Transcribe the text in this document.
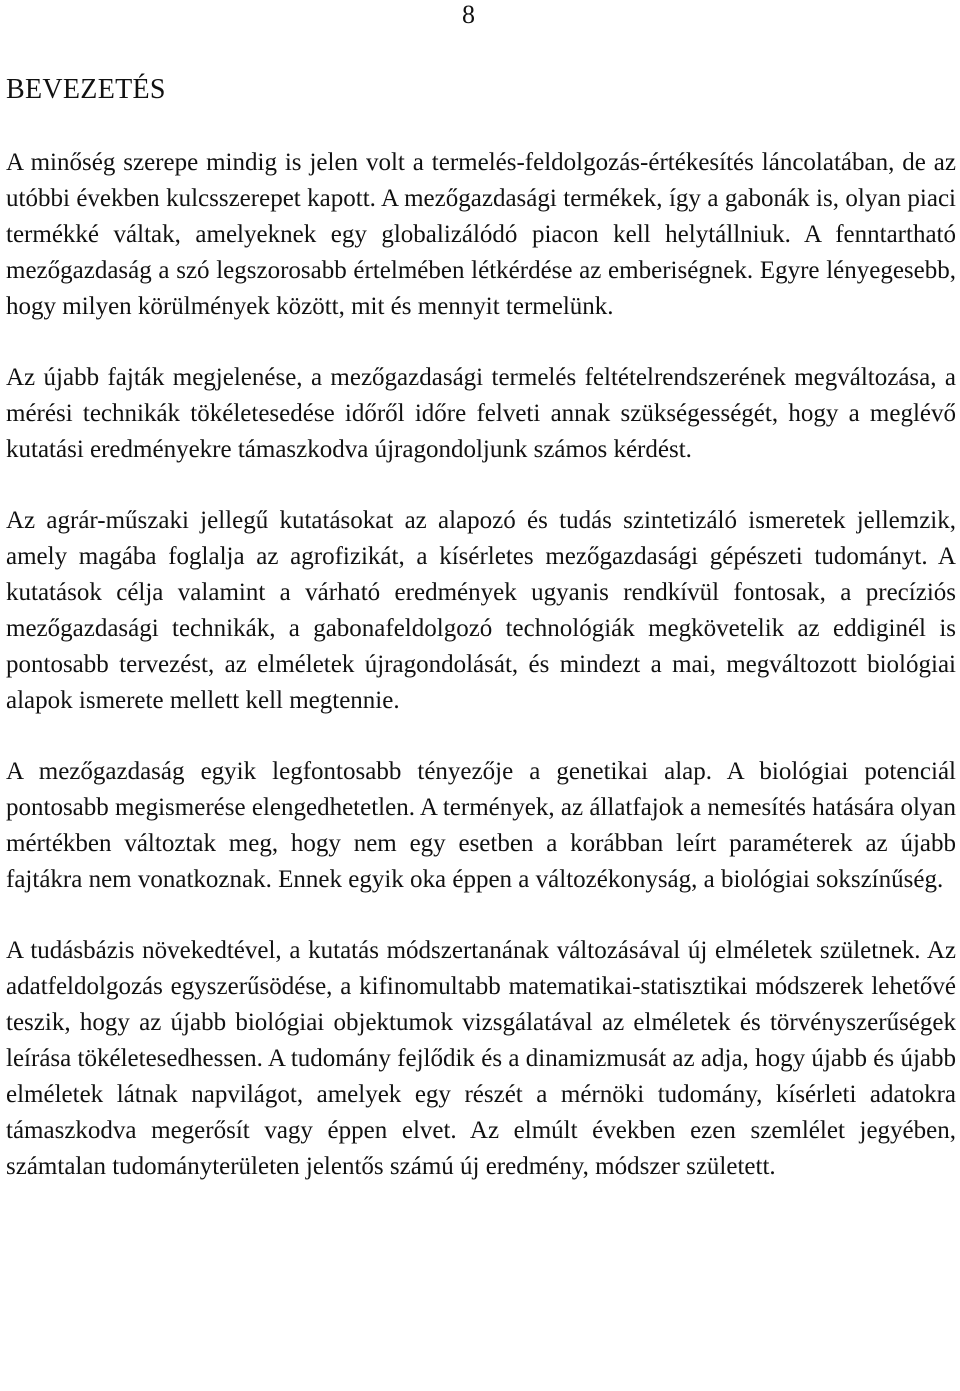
8
BEVEZETÉS

A minőség szerepe mindig is jelen volt a termelés-feldolgozás-értékesítés láncolatában, de az utóbbi években kulcsszerepet kapott. A mezőgazdasági termékek, így a gabonák is, olyan piaci termékké váltak, amelyeknek egy globalizálódó piacon kell helytállniuk. A fenntartható mezőgazdaság a szó legszorosabb értelmében létkérdése az emberiségnek. Egyre lényegesebb, hogy milyen körülmények között, mit és mennyit termelünk.

Az újabb fajták megjelenése, a mezőgazdasági termelés feltételrendszerének megváltozása, a mérési technikák tökéletesedése időről időre felveti annak szükségességét, hogy a meglévő kutatási eredményekre támaszkodva újragondoljunk számos kérdést.

Az agrár-műszaki jellegű kutatásokat az alapozó és tudás szintetizáló ismeretek jellemzik, amely magába foglalja az agrofizikát, a kísérletes mezőgazdasági gépészeti tudományt. A kutatások célja valamint a várható eredmények ugyanis rendkívül fontosak, a precíziós mezőgazdasági technikák, a gabonafeldolgozó technológiák megkövetelik az eddiginél is pontosabb tervezést, az elméletek újragondolását, és mindezt a mai, megváltozott biológiai alapok ismerete mellett kell megtennie.

A mezőgazdaság egyik legfontosabb tényezője a genetikai alap. A biológiai potenciál pontosabb megismerése elengedhetetlen. A termények, az állatfajok a nemesítés hatására olyan mértékben változtak meg, hogy nem egy esetben a korábban leírt paraméterek az újabb fajtákra nem vonatkoznak. Ennek egyik oka éppen a változékonyság, a biológiai sokszínűség.

A tudásbázis növekedtével, a kutatás módszertanának változásával új elméletek születnek. Az adatfeldolgozás egyszerűsödése, a kifinomultabb matematikai-statisztikai módszerek lehetővé teszik, hogy az újabb biológiai objektumok vizsgálatával az elméletek és törvényszerűségek leírása tökéletesedhessen. A tudomány fejlődik és a dinamizmusát az adja, hogy újabb és újabb elméletek látnak napvilágot, amelyek egy részét a mérnöki tudomány, kísérleti adatokra támaszkodva megerősít vagy éppen elvet. Az elmúlt években ezen szemlélet jegyében, számtalan tudományterületen jelentős számú új eredmény, módszer született.
